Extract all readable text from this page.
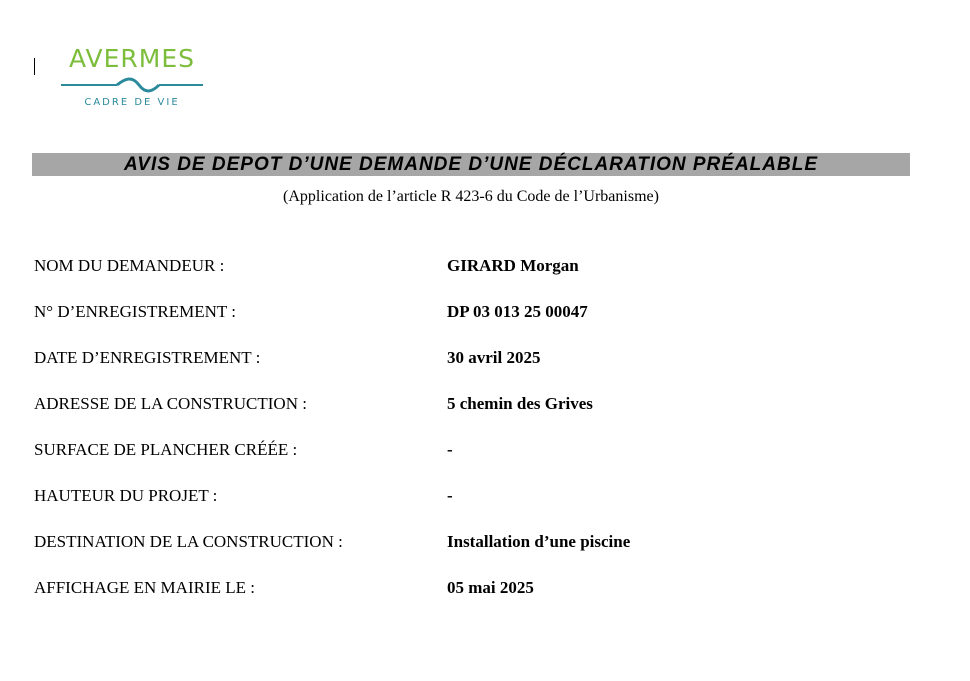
AVERMES
CADRE DE VIE
AVIS DE DEPOT D’UNE DEMANDE D’UNE DÉCLARATION PRÉALABLE
(Application de l’article R 423-6 du Code de l’Urbanisme)
NOM DU DEMANDEUR :	GIRARD Morgan
N° D’ENREGISTREMENT :	DP 03 013 25 00047
DATE D’ENREGISTREMENT :	30 avril 2025
ADRESSE DE LA CONSTRUCTION :	5 chemin des Grives
SURFACE DE PLANCHER CRÉÉE :	-
HAUTEUR DU PROJET :	-
DESTINATION DE LA CONSTRUCTION :	Installation d’une piscine
AFFICHAGE EN MAIRIE LE :	05 mai 2025
